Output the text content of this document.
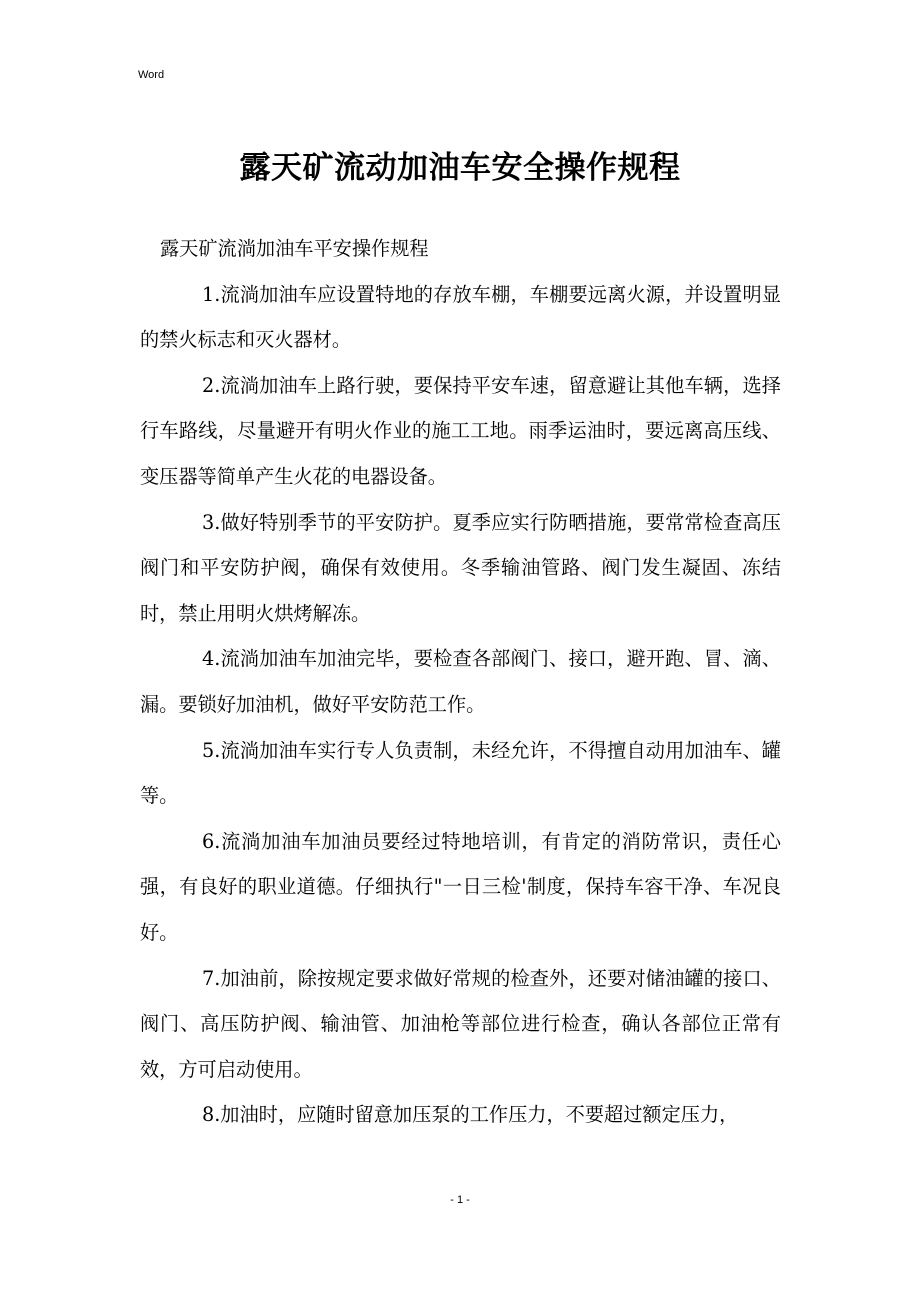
Word
露天矿流动加油车安全操作规程

露天矿流淌加油车平安操作规程

1.流淌加油车应设置特地的存放车棚，车棚要远离火源，并设置明显的禁火标志和灭火器材。

2.流淌加油车上路行驶，要保持平安车速，留意避让其他车辆，选择行车路线，尽量避开有明火作业的施工工地。雨季运油时，要远离高压线、变压器等简单产生火花的电器设备。

3.做好特别季节的平安防护。夏季应实行防晒措施，要常常检查高压阀门和平安防护阀，确保有效使用。冬季输油管路、阀门发生凝固、冻结时，禁止用明火烘烤解冻。

4.流淌加油车加油完毕，要检查各部阀门、接口，避开跑、冒、滴、漏。要锁好加油机，做好平安防范工作。

5.流淌加油车实行专人负责制，未经允许，不得擅自动用加油车、罐等。

6.流淌加油车加油员要经过特地培训，有肯定的消防常识，责任心强，有良好的职业道德。仔细执行"一日三检'制度，保持车容干净、车况良好。

7.加油前，除按规定要求做好常规的检查外，还要对储油罐的接口、阀门、高压防护阀、输油管、加油枪等部位进行检查，确认各部位正常有效，方可启动使用。

8.加油时，应随时留意加压泵的工作压力，不要超过额定压力，

- 1 -
